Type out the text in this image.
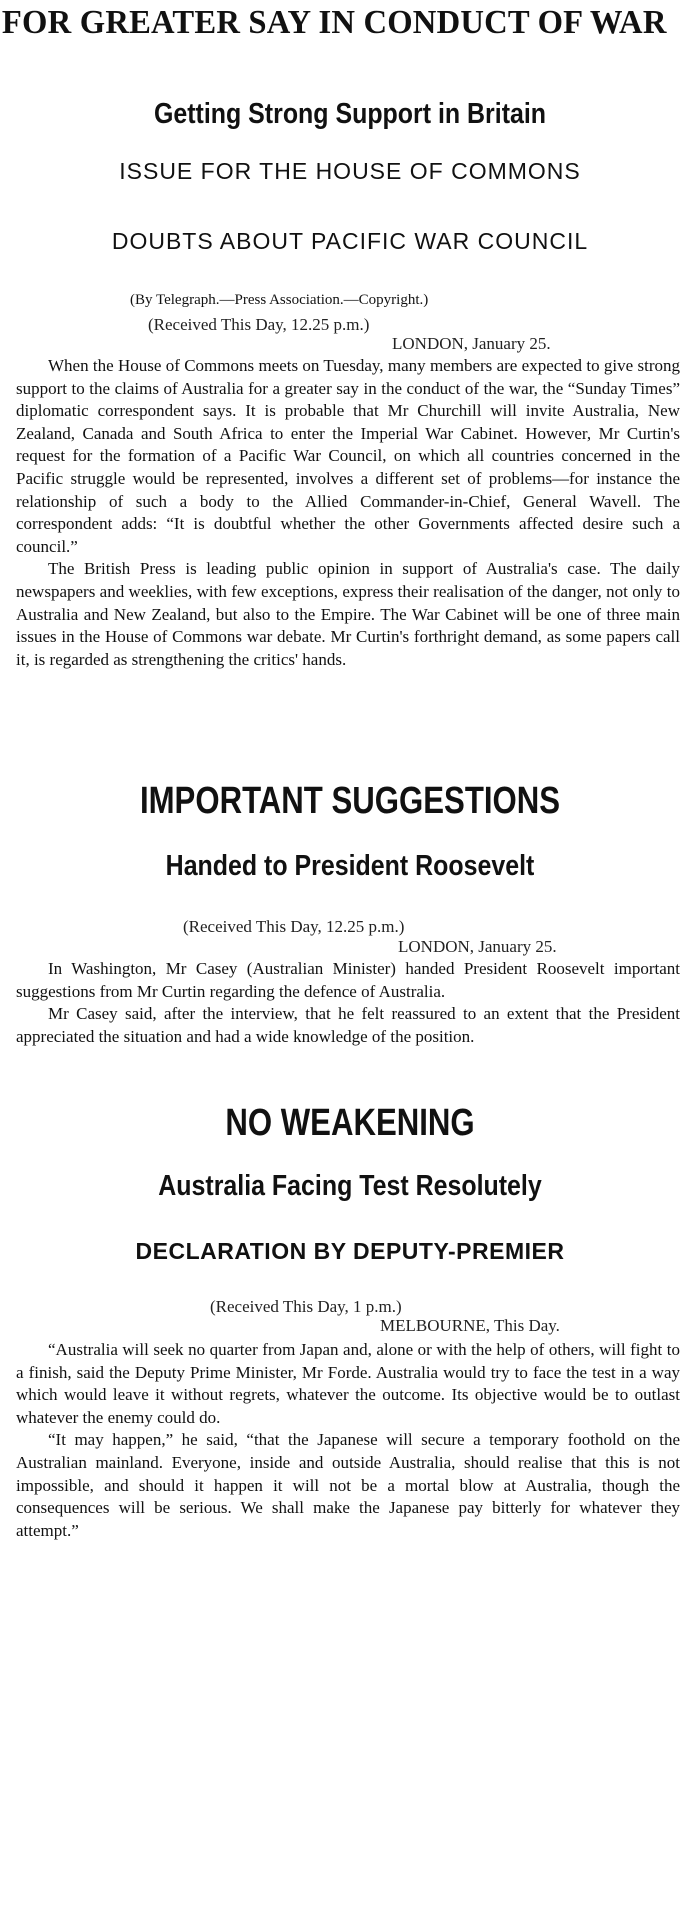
FOR GREATER SAY IN CONDUCT OF WAR
Getting Strong Support in Britain
ISSUE FOR THE HOUSE OF COMMONS
DOUBTS ABOUT PACIFIC WAR COUNCIL
(By Telegraph.—Press Association.—Copyright.)
(Received This Day, 12.25 p.m.)
LONDON, January 25.

When the House of Commons meets on Tuesday, many members are expected to give strong support to the claims of Australia for a greater say in the conduct of the war, the “Sunday Times” diplomatic correspondent says. It is probable that Mr Churchill will invite Australia, New Zealand, Canada and South Africa to enter the Imperial War Cabinet. However, Mr Curtin's request for the formation of a Pacific War Council, on which all countries concerned in the Pacific struggle would be represented, involves a different set of problems—for instance the relationship of such a body to the Allied Commander-in-Chief, General Wavell. The correspondent adds: “It is doubtful whether the other Governments affected desire such a council.”

The British Press is leading public opinion in support of Australia's case. The daily newspapers and weeklies, with few exceptions, express their realisation of the danger, not only to Australia and New Zealand, but also to the Empire. The War Cabinet will be one of three main issues in the House of Commons war debate. Mr Curtin's forthright demand, as some papers call it, is regarded as strengthening the critics' hands.

IMPORTANT SUGGESTIONS
Handed to President Roosevelt
(Received This Day, 12.25 p.m.)
LONDON, January 25.

In Washington, Mr Casey (Australian Minister) handed President Roosevelt important suggestions from Mr Curtin regarding the defence of Australia.

Mr Casey said, after the interview, that he felt reassured to an extent that the President appreciated the situation and had a wide knowledge of the position.

NO WEAKENING
Australia Facing Test Resolutely
DECLARATION BY DEPUTY-PREMIER
(Received This Day, 1 p.m.)
MELBOURNE, This Day.

“Australia will seek no quarter from Japan and, alone or with the help of others, will fight to a finish, said the Deputy Prime Minister, Mr Forde. Australia would try to face the test in a way which would leave it without regrets, whatever the outcome. Its objective would be to outlast whatever the enemy could do.

“It may happen,” he said, “that the Japanese will secure a temporary foothold on the Australian mainland. Everyone, inside and outside Australia, should realise that this is not impossible, and should it happen it will not be a mortal blow at Australia, though the consequences will be serious. We shall make the Japanese pay bitterly for whatever they attempt.”
